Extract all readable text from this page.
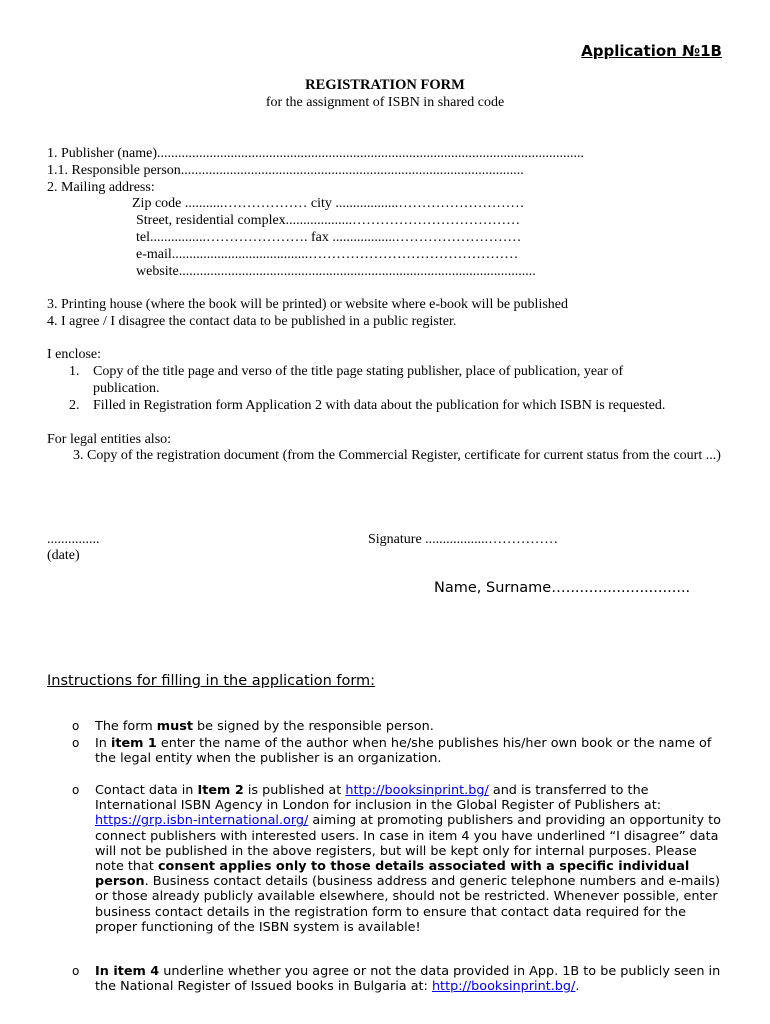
Application №1B
REGISTRATION FORM
for the assignment of ISBN in shared code
1. Publisher (name)..........................................................................................................................
1.1. Responsible person..................................................................................................
2. Mailing address:
Zip code ...........……………… city ..................………………………
Street, residential complex...................………………………………
tel................…………………. fax ..................………………………
e-mail.......................................………………………………………
website......................................................................................................
3. Printing house (where the book will be printed) or website where e-book will be published
4. I agree / I disagree the contact data to be published in a public register.
I enclose:
1. Copy of the title page and verso of the title page stating publisher, place of publication, year of publication.
2. Filled in Registration form Application 2 with data about the publication for which ISBN is requested.
For legal entities also:
3. Copy of the registration document (from the Commercial Register, certificate for current status from the court ...)
...............
(date)
Signature ..................……………
Name, Surname…...........................
Instructions for filling in the application form:
o The form must be signed by the responsible person.
o In item 1 enter the name of the author when he/she publishes his/her own book or the name of the legal entity when the publisher is an organization.
o Contact data in Item 2 is published at http://booksinprint.bg/ and is transferred to the International ISBN Agency in London for inclusion in the Global Register of Publishers at: https://grp.isbn-international.org/ aiming at promoting publishers and providing an opportunity to connect publishers with interested users. In case in item 4 you have underlined “I disagree” data will not be published in the above registers, but will be kept only for internal purposes. Please note that consent applies only to those details associated with a specific individual person. Business contact details (business address and generic telephone numbers and e-mails) or those already publicly available elsewhere, should not be restricted. Whenever possible, enter business contact details in the registration form to ensure that contact data required for the proper functioning of the ISBN system is available!
o In item 4 underline whether you agree or not the data provided in App. 1B to be publicly seen in the National Register of Issued books in Bulgaria at: http://booksinprint.bg/.
